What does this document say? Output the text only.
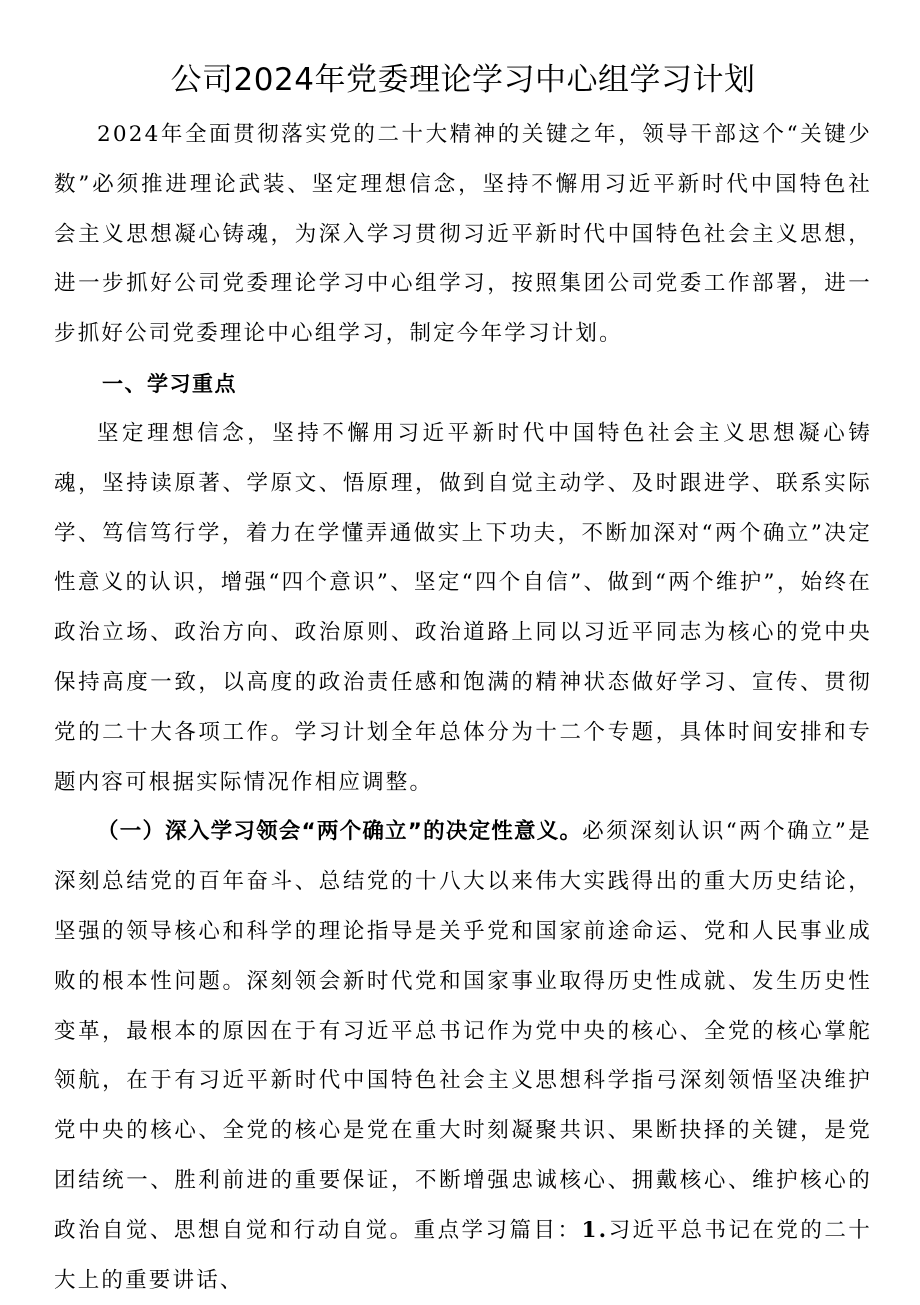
公司2024年党委理论学习中心组学习计划

2024年全面贯彻落实党的二十大精神的关键之年，领导干部这个“关键少数”必须推进理论武装、坚定理想信念，坚持不懈用习近平新时代中国特色社会主义思想凝心铸魂，为深入学习贯彻习近平新时代中国特色社会主义思想，进一步抓好公司党委理论学习中心组学习，按照集团公司党委工作部署，进一步抓好公司党委理论中心组学习，制定今年学习计划。

一、学习重点

坚定理想信念，坚持不懈用习近平新时代中国特色社会主义思想凝心铸魂，坚持读原著、学原文、悟原理，做到自觉主动学、及时跟进学、联系实际学、笃信笃行学，着力在学懂弄通做实上下功夫，不断加深对“两个确立”决定性意义的认识，增强“四个意识”、坚定“四个自信”、做到“两个维护”，始终在政治立场、政治方向、政治原则、政治道路上同以习近平同志为核心的党中央保持高度一致，以高度的政治责任感和饱满的精神状态做好学习、宣传、贯彻党的二十大各项工作。学习计划全年总体分为十二个专题，具体时间安排和专题内容可根据实际情况作相应调整。

（一）深入学习领会“两个确立”的决定性意义。必须深刻认识“两个确立”是深刻总结党的百年奋斗、总结党的十八大以来伟大实践得出的重大历史结论，坚强的领导核心和科学的理论指导是关乎党和国家前途命运、党和人民事业成败的根本性问题。深刻领会新时代党和国家事业取得历史性成就、发生历史性变革，最根本的原因在于有习近平总书记作为党中央的核心、全党的核心掌舵领航，在于有习近平新时代中国特色社会主义思想科学指弓深刻领悟坚决维护党中央的核心、全党的核心是党在重大时刻凝聚共识、果断抉择的关键，是党团结统一、胜利前进的重要保证，不断增强忠诚核心、拥戴核心、维护核心的政治自觉、思想自觉和行动自觉。重点学习篇目：1.习近平总书记在党的二十大上的重要讲话、
